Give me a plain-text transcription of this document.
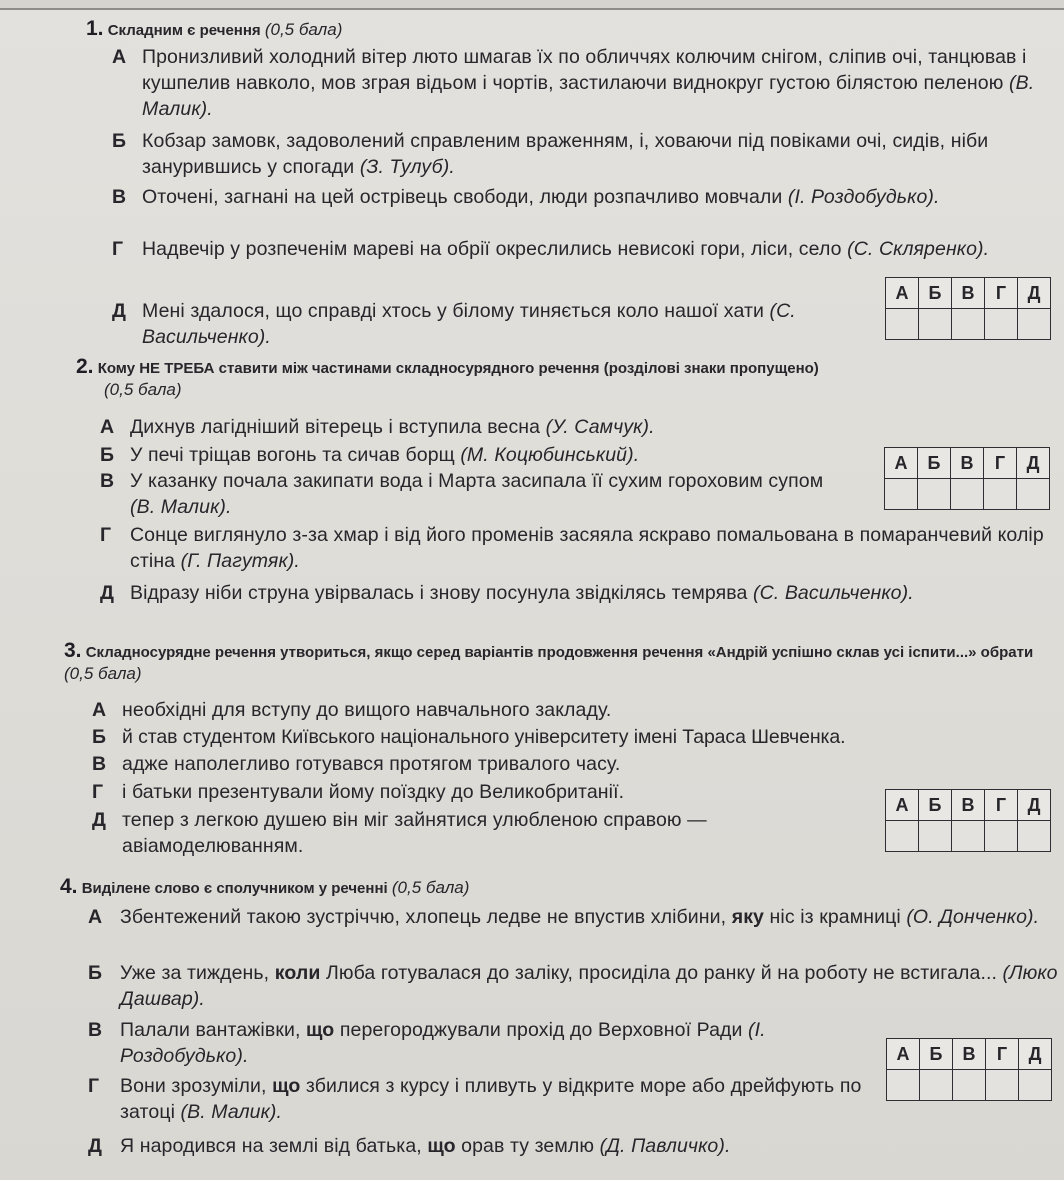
1. Складним є речення (0,5 бала)
А Пронизливий холодний вітер люто шмагав їх по обличчях колючим снігом, сліпив очі, танцював і кушпелив навколо, мов зграя відьом і чортів, застилаючи виднокруг густою білястою пеленою (В. Малик).
Б Кобзар замовк, задоволений справленим враженням, і, ховаючи під повіками очі, сидів, ніби занурившись у спогади (З. Тулуб).
В Оточені, загнані на цей острівець свободи, люди розпачливо мовчали (І. Роздобудько).
Г Надвечір у розпеченім мареві на обрії окреслились невисокі гори, ліси, село (С. Скляренко).
Д Мені здалося, що справді хтось у білому тиняється коло нашої хати (С. Васильченко).
А	Б	В	Г	Д

2. Кому НЕ ТРЕБА ставити між частинами складносурядного речення (розділові знаки пропущено)
(0,5 бала)
А Дихнув лагідніший вітерець і вступила весна (У. Самчук).
Б У печі тріщав вогонь та сичав борщ (М. Коцюбинський).
В У казанку почала закипати вода і Марта засипала її сухим гороховим супом (В. Малик).
Г Сонце виглянуло з-за хмар і від його променів засяяла яскраво помальована в помаранчевий колір стіна (Г. Пагутяк).
Д Відразу ніби струна увірвалась і знову посунула звідкілясь темрява (С. Васильченко).
А	Б	В	Г	Д

3. Складносурядне речення утвориться, якщо серед варіантів продовження речення «Андрій успішно склав усі іспити...» обрати (0,5 бала)
А необхідні для вступу до вищого навчального закладу.
Б й став студентом Київського національного університету імені Тараса Шевченка.
В адже наполегливо готувався протягом тривалого часу.
Г і батьки презентували йому поїздку до Великобританії.
Д тепер з легкою душею він міг зайнятися улюбленою справою — авіамоделюванням.
А	Б	В	Г	Д

4. Виділене слово є сполучником у реченні (0,5 бала)
А Збентежений такою зустріччю, хлопець ледве не впустив хлібини, яку ніс із крамниці (О. Донченко).
Б Уже за тиждень, коли Люба готувалася до заліку, просиділа до ранку й на роботу не встигала... (Люко Дашвар).
В Палали вантажівки, що перегороджували прохід до Верховної Ради (І. Роздобудько).
Г	Вони зрозуміли, що збилися з курсу і пливуть у відкрите море або дрейфують по затоці (В. Малик).
Д Я народився на землі від батька, що орав ту землю (Д. Павличко).
А	Б	В	Г	Д
